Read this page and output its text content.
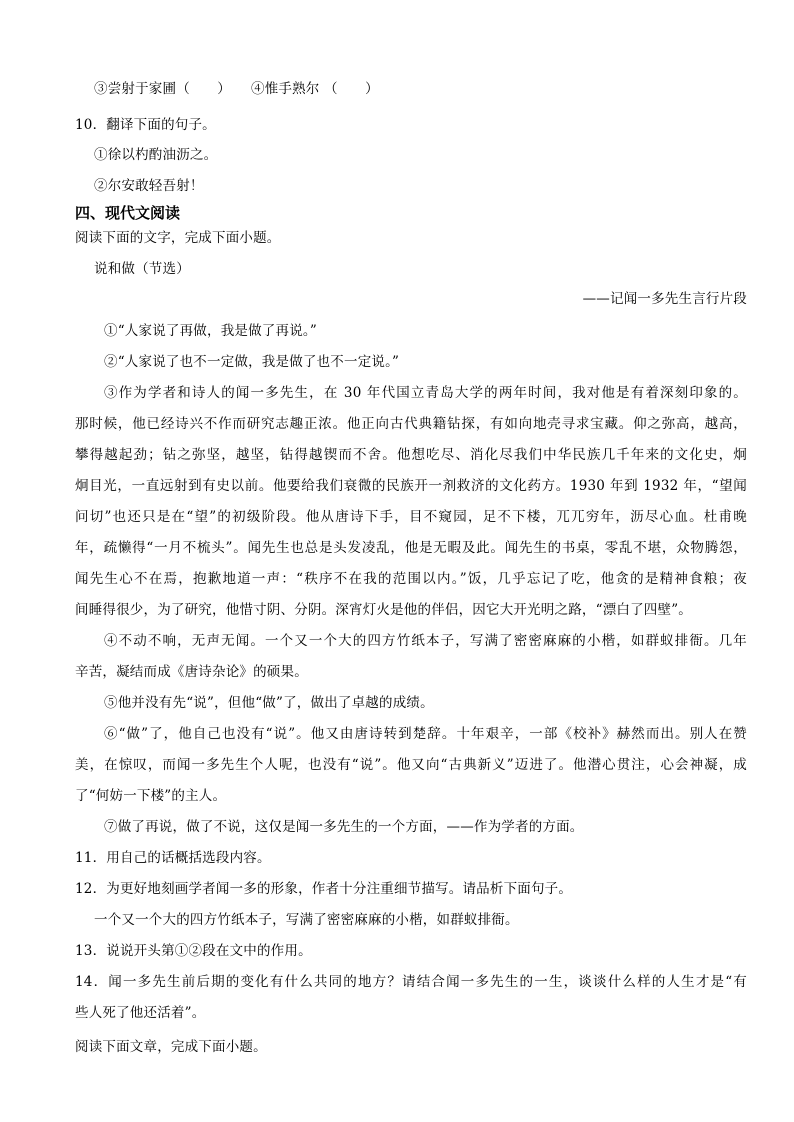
③尝射于家圃（　　） ④惟手熟尔 （　　）
10．翻译下面的句子。
①徐以杓酌油沥之。
②尔安敢轻吾射！
四、现代文阅读
阅读下面的文字，完成下面小题。
说和做（节选）
——记闻一多先生言行片段
①“人家说了再做，我是做了再说。”
②“人家说了也不一定做，我是做了也不一定说。”
③作为学者和诗人的闻一多先生，在 30 年代国立青岛大学的两年时间，我对他是有着深刻印象的。
那时候，他已经诗兴不作而研究志趣正浓。他正向古代典籍钻探，有如向地壳寻求宝藏。仰之弥高，越高，
攀得越起劲；钻之弥坚，越坚，钻得越锲而不舍。他想吃尽、消化尽我们中华民族几千年来的文化史，炯
炯目光，一直远射到有史以前。他要给我们衰微的民族开一剂救济的文化药方。1930 年到 1932 年，“望闻
问切”也还只是在“望”的初级阶段。他从唐诗下手，目不窥园，足不下楼，兀兀穷年，沥尽心血。杜甫晚
年，疏懒得“一月不梳头”。闻先生也总是头发凌乱，他是无暇及此。闻先生的书桌，零乱不堪，众物腾怨，
闻先生心不在焉，抱歉地道一声：“秩序不在我的范围以内。”饭，几乎忘记了吃，他贪的是精神食粮；夜
间睡得很少，为了研究，他惜寸阴、分阴。深宵灯火是他的伴侣，因它大开光明之路，“漂白了四壁”。
④不动不响，无声无闻。一个又一个大的四方竹纸本子，写满了密密麻麻的小楷，如群蚁排衙。几年
辛苦，凝结而成《唐诗杂论》的硕果。
⑤他并没有先“说”，但他“做”了，做出了卓越的成绩。
⑥“做”了，他自己也没有“说”。他又由唐诗转到楚辞。十年艰辛，一部《校补》赫然而出。别人在赞
美，在惊叹，而闻一多先生个人呢，也没有“说”。他又向“古典新义”迈进了。他潜心贯注，心会神凝，成
了“何妨一下楼”的主人。
⑦做了再说，做了不说，这仅是闻一多先生的一个方面，——作为学者的方面。
11．用自己的话概括选段内容。
12．为更好地刻画学者闻一多的形象，作者十分注重细节描写。请品析下面句子。
一个又一个大的四方竹纸本子，写满了密密麻麻的小楷，如群蚁排衙。
13．说说开头第①②段在文中的作用。
14．闻一多先生前后期的变化有什么共同的地方？请结合闻一多先生的一生，谈谈什么样的人生才是“有
些人死了他还活着”。
阅读下面文章，完成下面小题。
